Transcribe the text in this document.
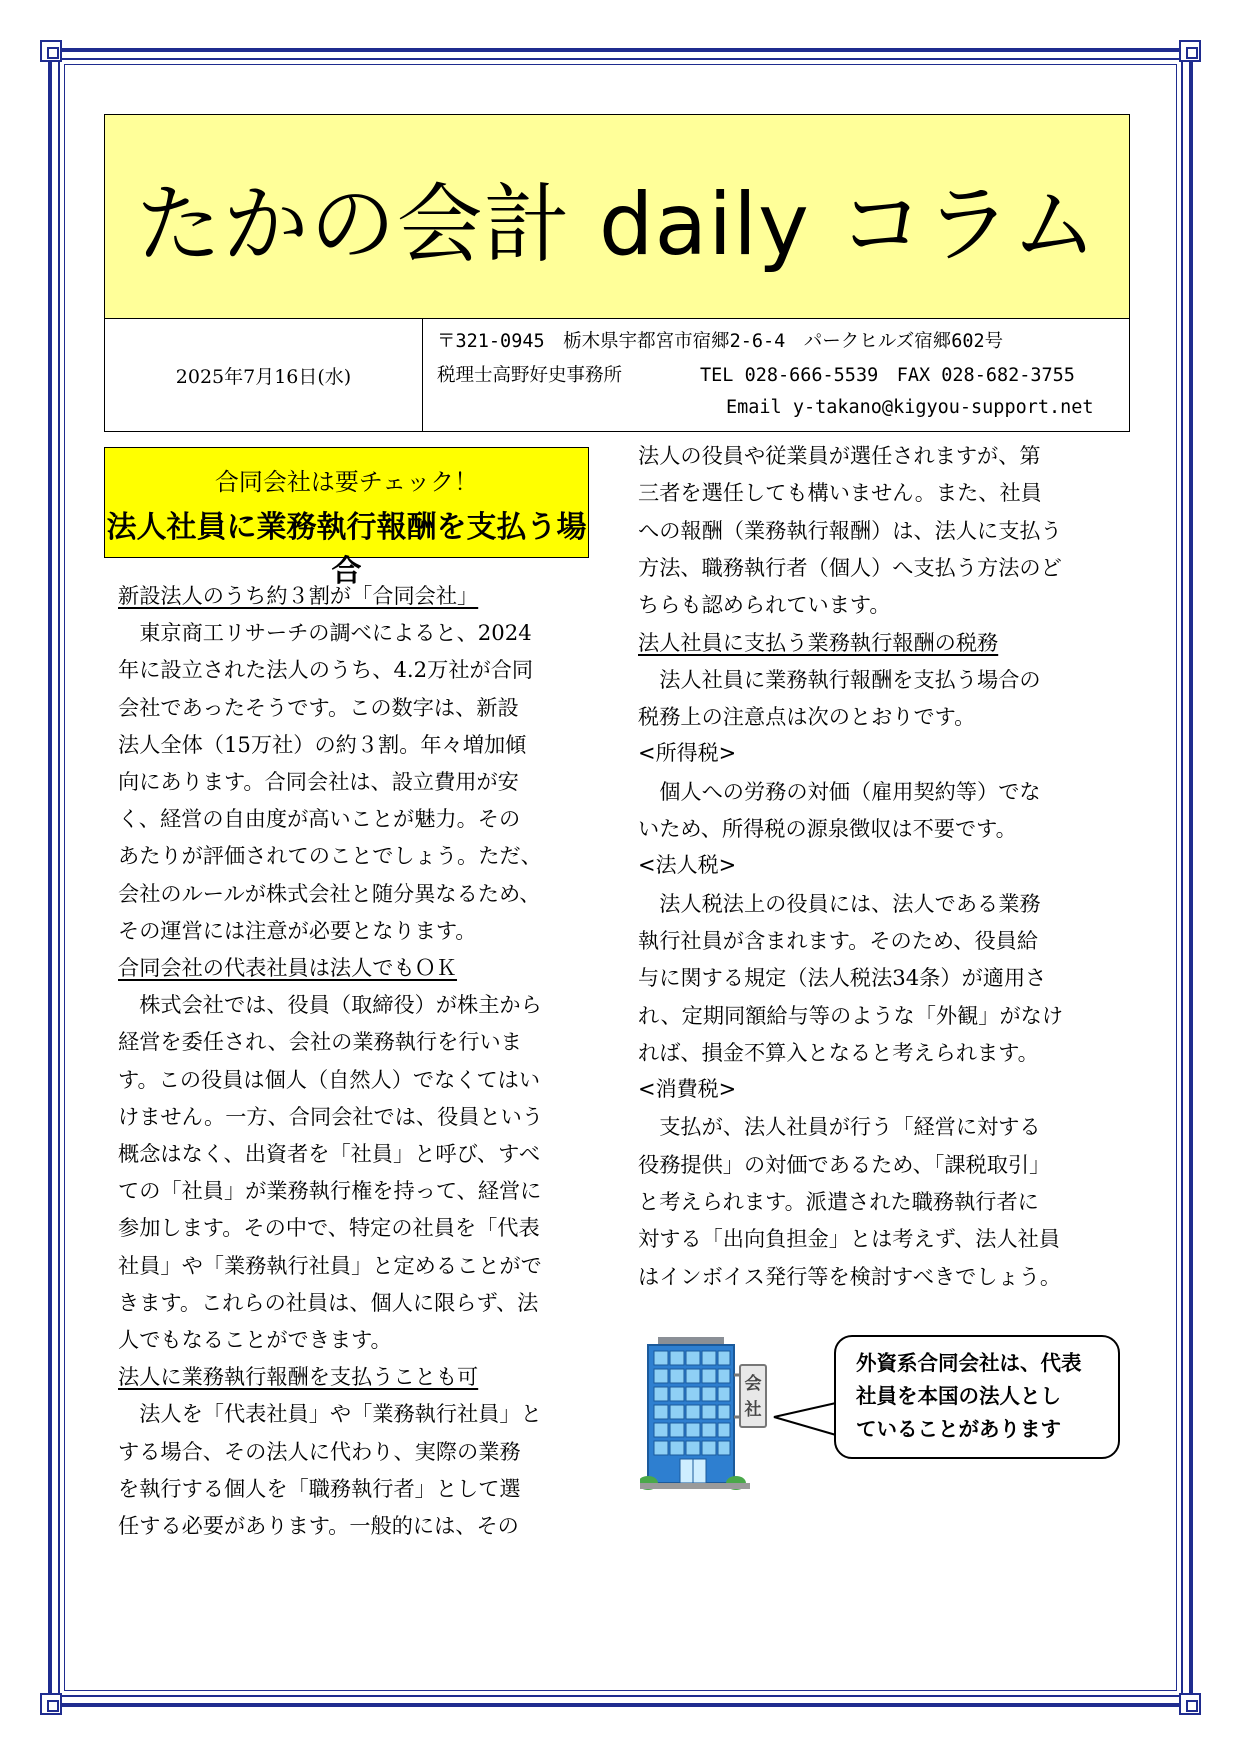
たかの会計 daily コラム
2025年7月16日(水)
〒321-0945　栃木県宇都宮市宿郷2-6-4　パークヒルズ宿郷602号
税理士高野好史事務所	TEL 028-666-5539　FAX 028-682-3755
Email y-takano@kigyou-support.net
合同会社は要チェック！
法人社員に業務執行報酬を支払う場合
新設法人のうち約３割が「合同会社」
　東京商工リサーチの調べによると、2024
年に設立された法人のうち、4.2万社が合同
会社であったそうです。この数字は、新設
法人全体（15万社）の約３割。年々増加傾
向にあります。合同会社は、設立費用が安
く、経営の自由度が高いことが魅力。その
あたりが評価されてのことでしょう。ただ、
会社のルールが株式会社と随分異なるため、
その運営には注意が必要となります。
合同会社の代表社員は法人でもＯＫ
　株式会社では、役員（取締役）が株主から
経営を委任され、会社の業務執行を行いま
す。この役員は個人（自然人）でなくてはい
けません。一方、合同会社では、役員という
概念はなく、出資者を「社員」と呼び、すべ
ての「社員」が業務執行権を持って、経営に
参加します。その中で、特定の社員を「代表
社員」や「業務執行社員」と定めることがで
きます。これらの社員は、個人に限らず、法
人でもなることができます。
法人に業務執行報酬を支払うことも可
　法人を「代表社員」や「業務執行社員」と
する場合、その法人に代わり、実際の業務
を執行する個人を「職務執行者」として選
任する必要があります。一般的には、その
法人の役員や従業員が選任されますが、第
三者を選任しても構いません。また、社員
への報酬（業務執行報酬）は、法人に支払う
方法、職務執行者（個人）へ支払う方法のど
ちらも認められています。
法人社員に支払う業務執行報酬の税務
　法人社員に業務執行報酬を支払う場合の
税務上の注意点は次のとおりです。
<所得税>
　個人への労務の対価（雇用契約等）でな
いため、所得税の源泉徴収は不要です。
<法人税>
　法人税法上の役員には、法人である業務
執行社員が含まれます。そのため、役員給
与に関する規定（法人税法34条）が適用さ
れ、定期同額給与等のような「外観」がなけ
れば、損金不算入となると考えられます。
<消費税>
　支払が、法人社員が行う「経営に対する
役務提供」の対価であるため、「課税取引」
と考えられます。派遣された職務執行者に
対する「出向負担金」とは考えず、法人社員
はインボイス発行等を検討すべきでしょう。
会
社
外資系合同会社は、代表
社員を本国の法人とし
ていることがあります
